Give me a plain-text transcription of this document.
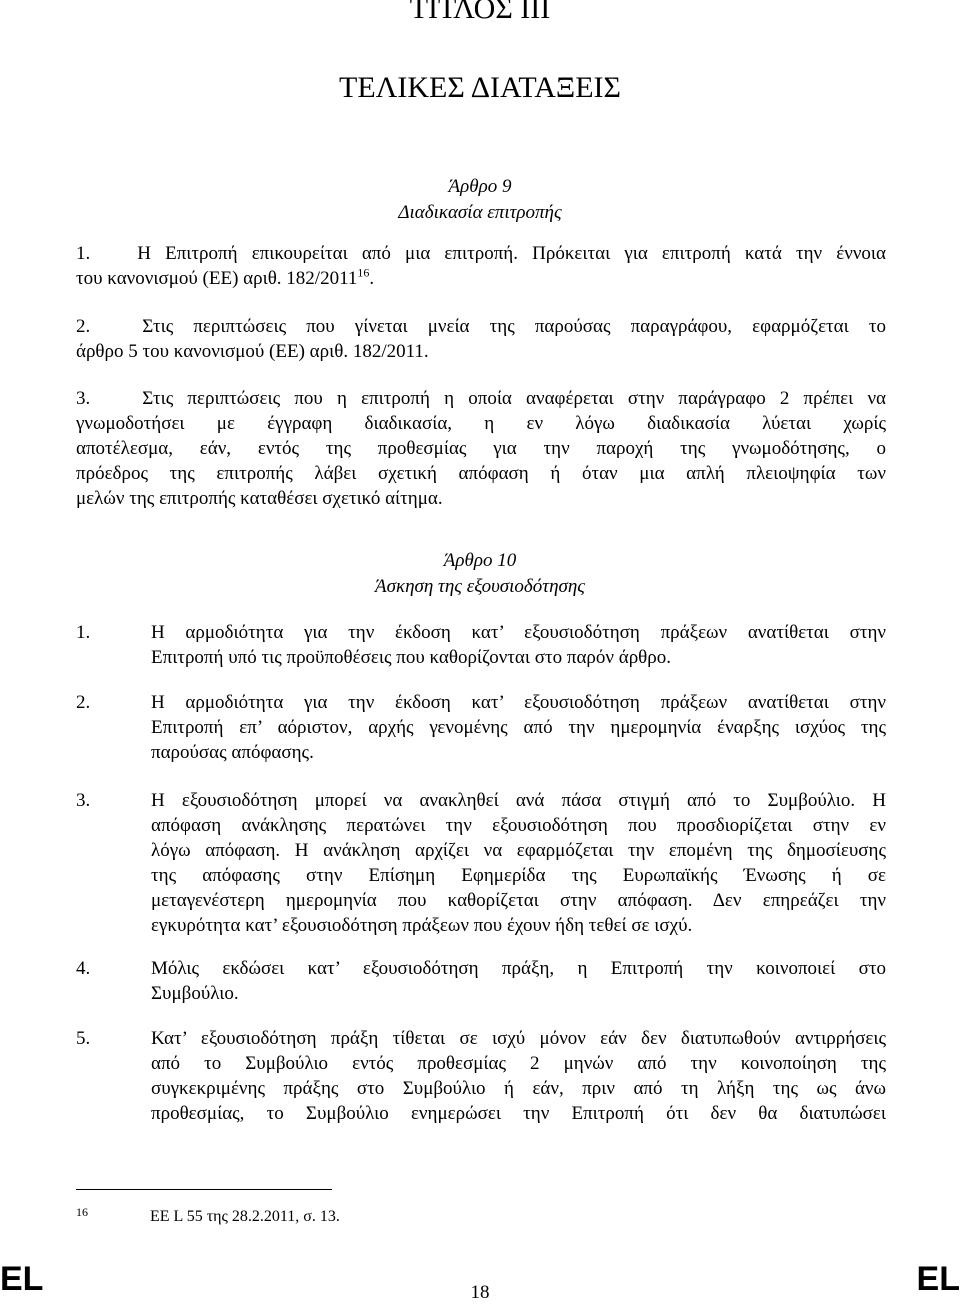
ΤΙΤΛΟΣ ΙΙΙ
ΤΕΛΙΚΕΣ ΔΙΑΤΑΞΕΙΣ
Άρθρο 9
Διαδικασία επιτροπής
1. Η Επιτροπή επικουρείται από μια επιτροπή. Πρόκειται για επιτροπή κατά την έννοια
του κανονισμού (ΕΕ) αριθ. 182/2011$^{16}$.
2.	Στις περιπτώσεις που γίνεται μνεία της παρούσας παραγράφου, εφαρμόζεται το
άρθρο 5 του κανονισμού (ΕΕ) αριθ. 182/2011.
3.	Στις περιπτώσεις που η επιτροπή η οποία αναφέρεται στην παράγραφο 2 πρέπει να
γνωμοδοτήσει με έγγραφη διαδικασία, η εν λόγω διαδικασία λύεται χωρίς
αποτέλεσμα, εάν, εντός της προθεσμίας για την παροχή της γνωμοδότησης, ο
πρόεδρος της επιτροπής λάβει σχετική απόφαση ή όταν μια απλή πλειοψηφία των
μελών της επιτροπής καταθέσει σχετικό αίτημα.
Άρθρο 10
Άσκηση της εξουσιοδότησης
1.	Η αρμοδιότητα για την έκδοση κατ’ εξουσιοδότηση πράξεων ανατίθεται στην
Επιτροπή υπό τις προϋποθέσεις που καθορίζονται στο παρόν άρθρο.
2.	Η αρμοδιότητα για την έκδοση κατ’ εξουσιοδότηση πράξεων ανατίθεται στην
Επιτροπή επ’ αόριστον, αρχής γενομένης από την ημερομηνία έναρξης ισχύος της
παρούσας απόφασης.
3.	Η εξουσιοδότηση μπορεί να ανακληθεί ανά πάσα στιγμή από το Συμβούλιο. Η
απόφαση ανάκλησης περατώνει την εξουσιοδότηση που προσδιορίζεται στην εν
λόγω απόφαση. Η ανάκληση αρχίζει να εφαρμόζεται την επομένη της δημοσίευσης
της απόφασης στην Επίσημη Εφημερίδα της Ευρωπαϊκής Ένωσης ή σε
μεταγενέστερη ημερομηνία που καθορίζεται στην απόφαση. Δεν επηρεάζει την
εγκυρότητα κατ’ εξουσιοδότηση πράξεων που έχουν ήδη τεθεί σε ισχύ.
4.	Μόλις εκδώσει κατ’ εξουσιοδότηση πράξη, η Επιτροπή την κοινοποιεί στο
Συμβούλιο.
5.	Κατ’ εξουσιοδότηση πράξη τίθεται σε ισχύ μόνον εάν δεν διατυπωθούν αντιρρήσεις
από το Συμβούλιο εντός προθεσμίας 2 μηνών από την κοινοποίηση της
συγκεκριμένης πράξης στο Συμβούλιο ή εάν, πριν από τη λήξη της ως άνω
προθεσμίας, το Συμβούλιο ενημερώσει την Επιτροπή ότι δεν θα διατυπώσει
16	ΕΕ L 55 της 28.2.2011, σ. 13.
EL	18	EL
